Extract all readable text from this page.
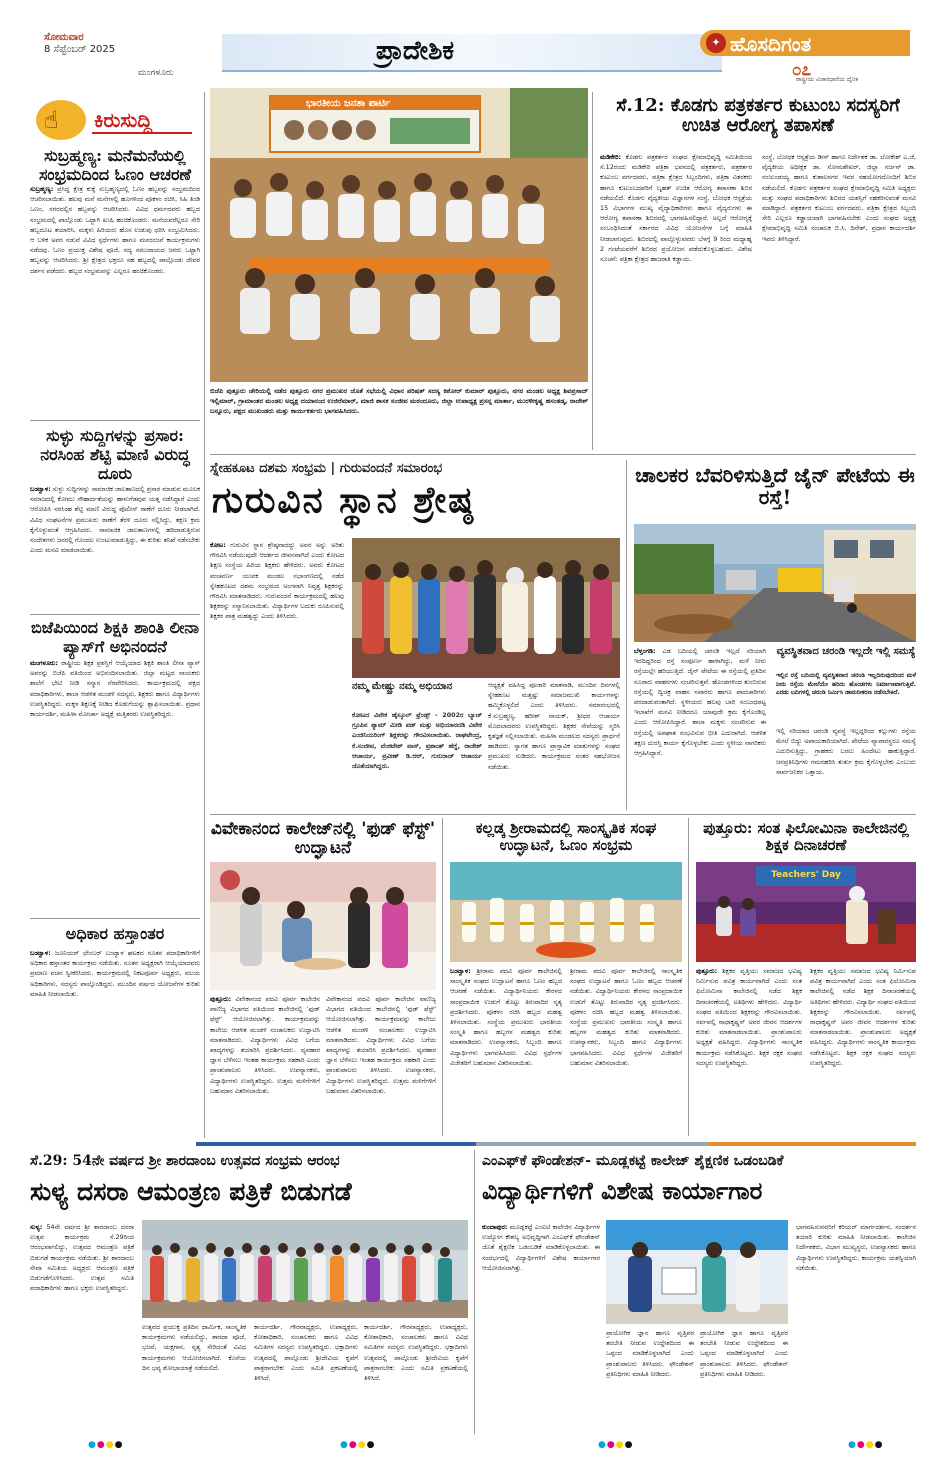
ಸೋಮವಾರ
8 ಸೆಪ್ಟೆಂಬರ್ 2025
ಮಂಗಳೂರು
ಪ್ರಾದೇಶಿಕ	✦ ಹೊಸದಿಗಂತ
೦೭
ರಾಷ್ಟ್ರೀಯ ವಿಚಾರಧಾರೆಯ ದೈನಿಕ
☝ ಕಿರುಸುದ್ದಿ
ಸುಬ್ರಹ್ಮಣ್ಯ: ಮನೆಮನೆಯಲ್ಲಿ ಸಂಭ್ರಮದಿಂದ ಓಣಂ ಆಚರಣೆ
ಸುಬ್ರಹ್ಮಣ್ಯ: ಪ್ರಸಿದ್ಧ ಕ್ಷೇತ್ರ ಕುಕ್ಕೆ ಸುಬ್ರಹ್ಮಣ್ಯದಲ್ಲಿ ಓಣಂ ಹಬ್ಬವನ್ನು ಸಂಭ್ರಮದಿಂದ ಆಚರಿಸಲಾಯಿತು. ಹಲವು ಮನೆ ಮನೆಗಳಲ್ಲಿ ಹೂಗಳಿಂದ ಪೂಕಳಂ ರಚಿಸಿ, ಸಿಹಿ ತಿಂಡಿ ಒಣಂ, ನಗರದಲ್ಲಿನ ಹಬ್ಬವನ್ನು ಆಚರಿಸಿದರು. ವಿವಿಧ ಧರ್ಮದವರು ಹಬ್ಬದ ಸಂಭ್ರಮದಲ್ಲಿ ಪಾಲ್ಗೊಂಡು ಒಟ್ಟಾಗಿ ಖುಷಿ ಹಂಚಿಕೊಂಡರು. ಮನೆಯವರೆಲ್ಲರೂ ಸೇರಿ ಹಬ್ಬದೂಟ ತಯಾರಿಸಿ, ಮಕ್ಕಳು ಹಿರಿಯರು ಹೊಸ ಉಡುಪು ಧರಿಸಿ ಸಂಭ್ರಮಿಸಿದರು. ಆ ಬಳಿಕ ಅವರ ನಡುವೆ ವಿವಿಧ ಸ್ಪರ್ಧೆಗಳು ಹಾಗೂ ಮನರಂಜನೆ ಕಾರ್ಯಕ್ರಮಗಳು ನಡೆದವು. ಓಣಂ ಪ್ರಯುಕ್ತ ವಿಶೇಷ ಪೂಜೆ, ಸದ್ಯ ಸಮುದಾಯದ ಜನರು ಒಟ್ಟಾಗಿ ಹಬ್ಬವನ್ನು ಆಚರಿಸಿದರು. ಶ್ರೀ ಕ್ಷೇತ್ರದ ಭಕ್ತರೂ ಸಹ ಹಬ್ಬದಲ್ಲಿ ಪಾಲ್ಗೊಂಡು ದೇವರ ದರ್ಶನ ಪಡೆದರು. ಹಬ್ಬದ ಸಂಭ್ರಮವನ್ನು ಎಲ್ಲರೂ ಹಂಚಿಕೊಂಡರು.
ಸುಳ್ಳು ಸುದ್ದಿಗಳನ್ನು ಪ್ರಸಾರ: ನರಸಿಂಹ ಶೆಟ್ಟಿ ಮಾಣಿ ವಿರುದ್ಧ ದೂರು
ಬಂಟ್ವಾಳ: ಸುಳ್ಳು ಸುದ್ದಿಗಳನ್ನು ಸಾಮಾಜಿಕ ಜಾಲತಾಣದಲ್ಲಿ ಪ್ರಸಾರ ಮಾಡುವ ಮೂಲಕ ಸಮಾಜದಲ್ಲಿ ಕೋಮು ಸೌಹಾರ್ದತೆಯನ್ನು ಹಾಳುಗೆಡವುವ ಯತ್ನ ನಡೆಸಿದ್ದಾರೆ ಎಂದು ಆರೋಪಿಸಿ ನರಸಿಂಹ ಶೆಟ್ಟಿ ಮಾಣಿ ವಿರುದ್ಧ ಪೊಲೀಸ್ ಠಾಣೆಗೆ ದೂರು ನೀಡಲಾಗಿದೆ. ವಿವಿಧ ಸಂಘಟನೆಗಳ ಪ್ರಮುಖರು ಠಾಣೆಗೆ ತೆರಳಿ ದೂರು ಸಲ್ಲಿಸಿದ್ದು, ತಕ್ಷಣ ಕ್ರಮ ಕೈಗೊಳ್ಳುವಂತೆ ಆಗ್ರಹಿಸಿದರು. ಸಾಮಾಜಿಕ ಜಾಲತಾಣಗಳಲ್ಲಿ ಹರಿದಾಡುತ್ತಿರುವ ಸಂದೇಶಗಳು ಜನರಲ್ಲಿ ಗೊಂದಲ ಉಂಟುಮಾಡುತ್ತಿದ್ದು, ಈ ಕುರಿತು ತನಿಖೆ ನಡೆಸಬೇಕು ಎಂದು ಮನವಿ ಮಾಡಲಾಯಿತು.
ಬಿಜೆಪಿಯಿಂದ ಶಿಕ್ಷಕಿ ಶಾಂತಿ ಲೀನಾ ಪ್ಯಾಸ್‌ಗೆ ಅಭಿನಂದನೆ
ಮಂಗಳೂರು: ರಾಷ್ಟ್ರೀಯ ಶಿಕ್ಷಕ ಪ್ರಶಸ್ತಿಗೆ ಆಯ್ಕೆಯಾದ ಶಿಕ್ಷಕಿ ಶಾಂತಿ ಲೀನಾ ಪ್ಯಾಸ್ ಅವರನ್ನು ಬಿಜೆಪಿ ವತಿಯಿಂದ ಅಭಿನಂದಿಸಲಾಯಿತು. ಜಿಲ್ಲಾ ಮಟ್ಟದ ನಾಯಕರು ಶಾಲೆಗೆ ಭೇಟಿ ನೀಡಿ ಸನ್ಮಾನ ನೆರವೇರಿಸಿದರು. ಕಾರ್ಯಕ್ರಮದಲ್ಲಿ ಪಕ್ಷದ ಪದಾಧಿಕಾರಿಗಳು, ಶಾಲಾ ಆಡಳಿತ ಮಂಡಳಿ ಸದಸ್ಯರು, ಶಿಕ್ಷಕರು ಹಾಗೂ ವಿದ್ಯಾರ್ಥಿಗಳು ಉಪಸ್ಥಿತರಿದ್ದರು. ಮಕ್ಕಳ ಶಿಕ್ಷಣಕ್ಕೆ ನೀಡಿದ ಕೊಡುಗೆಯನ್ನು ಶ್ಲಾಘಿಸಲಾಯಿತು. ಪ್ರಧಾನ ಕಾರ್ಯದರ್ಶಿ, ಮಹಿಳಾ ಮೋರ್ಚಾ ಅಧ್ಯಕ್ಷೆ ಮತ್ತಿತರರು ಉಪಸ್ಥಿತರಿದ್ದರು.
ಅಧಿಕಾರ ಹಸ್ತಾಂತರ
ಬಂಟ್ವಾಳ: ಜೂನಿಯರ್ ಛೇಂಬರ್ ಬಂಟ್ವಾಳ ಘಟಕದ ನೂತನ ಪದಾಧಿಕಾರಿಗಳಿಗೆ ಅಧಿಕಾರ ಹಸ್ತಾಂತರ ಕಾರ್ಯಕ್ರಮ ನಡೆಯಿತು. ನೂತನ ಅಧ್ಯಕ್ಷರಾಗಿ ಆಯ್ಕೆಯಾದವರು ಪ್ರಮಾಣ ವಚನ ಸ್ವೀಕರಿಸಿದರು. ಕಾರ್ಯಕ್ರಮದಲ್ಲಿ ನಿಕಟಪೂರ್ವ ಅಧ್ಯಕ್ಷರು, ವಲಯ ಅಧಿಕಾರಿಗಳು, ಸದಸ್ಯರು ಪಾಲ್ಗೊಂಡಿದ್ದರು. ಮುಂದಿನ ವರ್ಷದ ಯೋಜನೆಗಳ ಕುರಿತು ಮಾಹಿತಿ ನೀಡಲಾಯಿತು.
ಭಾರತೀಯ ಜನತಾ ಪಾರ್ಟಿ
ಬಿಜೆಪಿ ಪುತ್ತೂರು ಚೇರಿಯಲ್ಲಿ ನಡೆದ ಪುತ್ತೂರು ನಗರ ಪ್ರಮುಖರ ಜೊತೆ ಸಭೆಯಲ್ಲಿ ವಿಧಾನ ಪರಿಷತ್ ಸದಸ್ಯ ಕಿಶೋರ್ ಕುಮಾರ್ ಪುತ್ತೂರು, ನಗರ ಮಂಡಲ ಅಧ್ಯಕ್ಷ ಶಿವಪ್ರಸಾದ್ ಇಲ್ಲಿಮಾರ್, ಗ್ರಾಮಾಂತರ ಮಂಡಲ ಅಧ್ಯಕ್ಷ ದಯಾನಂದ ಉಜಿರೆಮಾರ್, ಮಾಜಿ ಶಾಸಕ ಸಂಜೀವ ಮಠಂದೂರು, ಜಿಲ್ಲಾ ಉಪಾಧ್ಯಕ್ಷ ಪ್ರಸನ್ನ ಮಾರ್ತಾ, ಮುರಳೀಕೃಷ್ಣ ಹಸಂತಡ್ಕ, ರಾಜೇಶ್ ಬನ್ನೂರು, ಪಕ್ಷದ ಮುಖಂಡರು ಮತ್ತು ಕಾರ್ಯಕರ್ತರು ಭಾಗವಹಿಸಿದರು.
ಸೆ.12: ಕೊಡಗು ಪತ್ರಕರ್ತರ ಕುಟುಂಬ ಸದಸ್ಯರಿಗೆ ಉಚಿತ ಆರೋಗ್ಯ ತಪಾಸಣೆ
ಮಡಿಕೇರಿ: ಕೊಡಗು ಪತ್ರಕರ್ತರ ಸಂಘದ ಕ್ಷೇಮಾಭಿವೃದ್ಧಿ ಸಮಿತಿಯಿಂದ ಸೆ.12ರಂದು ಮಡಿಕೇರಿ ಪತ್ರಿಕಾ ಭವನದಲ್ಲಿ ಪತ್ರಕರ್ತರು, ಪತ್ರಕರ್ತರ ಕುಟುಂಬ ವರ್ಗದವರು, ಪತ್ರಿಕಾ ಕ್ಷೇತ್ರದ ಸಿಬ್ಬಂದಿಗಳು, ಪತ್ರಿಕಾ ವಿತರಕರು ಹಾಗೂ ಕುಟುಂಬದವರಿಗೆ ಬೃಹತ್ ಉಚಿತ ಆರೋಗ್ಯ ತಪಾಸಣಾ ಶಿಬಿರ ನಡೆಯಲಿದೆ. ಕೊಡಗು ವೈದ್ಯಕೀಯ ವಿಜ್ಞಾನಗಳ ಸಂಸ್ಥೆ, ಬೋಧಕ ಆಸ್ಪತ್ರೆಯ 15 ವಿಭಾಗಗಳ ಮುಖ್ಯ ವೈದ್ಯಾಧಿಕಾರಿಗಳು ಹಾಗೂ ವೈದ್ಯರುಗಳು ಈ ಆರೋಗ್ಯ ತಪಾಸಣಾ ಶಿಬಿರದಲ್ಲಿ ಭಾಗವಹಿಸಲಿದ್ದಾರೆ. ಅಲ್ಲದೆ ಆರೋಗ್ಯಕ್ಕೆ ಸಂಬಂಧಿಸಿದಂತೆ ಸರ್ಕಾರದ ವಿವಿಧ ಯೋಜನೆಗಳ ಬಗ್ಗೆ ಮಾಹಿತಿ ನೀಡಲಾಗುವುದು. ಶಿಬಿರದಲ್ಲಿ ಪಾಲ್ಗೊಳ್ಳುವವರು ಬೆಳಗ್ಗೆ 9 ರಿಂದ ಮಧ್ಯಾಹ್ನ 2 ಗಂಟೆಯವರೆಗೆ ಶಿಬಿರದ ಪ್ರಯೋಜನ ಪಡೆದುಕೊಳ್ಳಬಹುದು. ವಿಶೇಷ ಸೂಚನೆ: ಪತ್ರಿಕಾ ಕ್ಷೇತ್ರದ ಹಾಜರಾತಿ ಕಡ್ಡಾಯ.
ಸಂಸ್ಥೆ, ಬೋಧಕ ಆಸ್ಪತ್ರೆಯ ಡೀನ್ ಹಾಗೂ ನಿರ್ದೇಶಕ ಡಾ. ಲೋಕೇಶ್ ಎ.ಜೆ, ವೈದ್ಯಕೀಯ ಅಧೀಕ್ಷಕ ಡಾ. ಸೋಮಶೇಖರ್, ಜಿಲ್ಲಾ ಸರ್ಜನ್ ಡಾ. ನಂಜುಂಡಯ್ಯ ಹಾಗೂ ಕುಶಾಲನಗರ ಇವರ ಸಹಯೋಗದೊಂದಿಗೆ ಶಿಬಿರ ನಡೆಯಲಿದೆ. ಕೊಡಗು ಪತ್ರಕರ್ತರ ಸಂಘದ ಕ್ಷೇಮಾಭಿವೃದ್ಧಿ ಸಮಿತಿ ಅಧ್ಯಕ್ಷರು ಮತ್ತು ಸಂಘದ ಪದಾಧಿಕಾರಿಗಳು ಶಿಬಿರದ ಯಶಸ್ಸಿಗೆ ಸಹಕರಿಸುವಂತೆ ಮನವಿ ಮಾಡಿದ್ದಾರೆ. ಪತ್ರಕರ್ತರ ಕುಟುಂಬ ವರ್ಗದವರು, ಪತ್ರಿಕಾ ಕ್ಷೇತ್ರದ ಸಿಬ್ಬಂದಿ ಸೇರಿ ಎಲ್ಲರೂ ಕಡ್ಡಾಯವಾಗಿ ಭಾಗವಹಿಸಬೇಕು ಎಂದು ಸಂಘದ ಅಧ್ಯಕ್ಷ ಕ್ಷೇಮಾಭಿವೃದ್ಧಿ ಸಮಿತಿ ಸಂಚಾಲಕ ಬಿ.ಸಿ. ದಿನೇಶ್, ಪ್ರಧಾನ ಕಾರ್ಯದರ್ಶಿ ಇವರು ತಿಳಿಸಿದ್ದಾರೆ.
ಸ್ನೇಹಕೂಟ ದಶಮ ಸಂಭ್ರಮ | ಗುರುವಂದನೆ ಸಮಾರಂಭ
ಗುರುವಿನ ಸ್ಥಾನ ಶ್ರೇಷ್ಠ
ಕೋಟ: ಗುರುವಿನ ಸ್ಥಾನ ಶ್ರೇಷ್ಠವಾದದ್ದು ಅವರ ಅನ್ನು ಅರಿತು ಗೌರವಿಸಿ ನಡೆಯುವುದೇ ಆದರ್ಶದ ಜೀವನವಾಗಿದೆ ಎಂದು ಕೋಟದ ಶಿಕ್ಷಣ ಸಂಸ್ಥೆಯ ಹಿರಿಯ ಶಿಕ್ಷಕರು ಹೇಳಿದರು. ಅವರು ಕೋಟದ ಪಂಚವರ್ಣ ಯುವಕ ಮಂಡಲ ಸಭಾಂಗಣದಲ್ಲಿ ನಡೆದ ಸ್ನೇಹಕೂಟದ ದಶಮ ಸಂಭ್ರಮದ ಅಂಗವಾಗಿ ನಿವೃತ್ತ ಶಿಕ್ಷಕರನ್ನು ಗೌರವಿಸಿ ಮಾತನಾಡಿದರು. ಗುರುವಂದನೆ ಕಾರ್ಯಕ್ರಮದಲ್ಲಿ ಹಲವು ಶಿಕ್ಷಕರನ್ನು ಸನ್ಮಾನಿಸಲಾಯಿತು. ವಿದ್ಯಾರ್ಥಿಗಳ ಬದುಕು ರೂಪಿಸುವಲ್ಲಿ ಶಿಕ್ಷಕರ ಪಾತ್ರ ಮಹತ್ವದ್ದು ಎಂದು ತಿಳಿಸಿದರು.
ನಮ್ಮ ಮೇಷ್ಟ್ರು ನಮ್ಮ ಅಭಿಯಾನ
ಕೋಟದ ವಿವೇಕ ಹೈಸ್ಕೂಲ್ ಫ್ರೆಂಡ್ಸ್ - 2002ರ ಬ್ಯಾಚ್ ಗ್ರೂಪಿನ ಶ್ಯಾಮ್ ಮೀಡಿ ಪಡ್ ಮತ್ತು ಅಭಿಯಾನದಡಿ ವಿವೇಕ ಎಂಜಿನಿಯರಿಂಗ್ ಶಿಕ್ಷಕರನ್ನು ಗೌರವಿಸಲಾಯಿತು. ರಾಘವೇಂದ್ರ, ಕೆ.ಸಂಜೀವ, ವೆಂಕಟೇಶ್ ವಾಸ್, ಪ್ರಶಾಂತ್ ಹೆಗ್ಡೆ, ರಾಜೇಶ್ ಆಚಾರ್ಯ, ಪ್ರವೀಣ್ ಡಿ.ಆರ್, ಗುರುರಾಜ್ ಆಚಾರ್ಯ ಜೊತೆಯಾಗಿದ್ದರು.
ಆಧ್ಯಕ್ಷತೆ ವಹಿಸಿದ್ದ ಪೂಜಾರಿ ಮಾತನಾಡಿ, ಮುಂದಿನ ದಿನಗಳಲ್ಲಿ ಸ್ನೇಹಕೂಟ ಮತ್ತಷ್ಟು ಸಮಾಜಮುಖಿ ಕಾರ್ಯಗಳನ್ನು ಹಮ್ಮಿಕೊಳ್ಳಲಿದೆ ಎಂದು ತಿಳಿಸಿದರು. ಸಮಾರಂಭದಲ್ಲಿ ಕೆ.ಸುಬ್ರಹ್ಮಣ್ಯ, ಹರೀಶ್ ನಾಯಕ್, ಶ್ರೀಧರ ಆಚಾರ್ಯ ಮೊದಲಾದವರು ಉಪಸ್ಥಿತರಿದ್ದರು. ಶಿಕ್ಷಕರ ಸೇವೆಯನ್ನು ಸ್ಮರಿಸಿ ಕೃತಜ್ಞತೆ ಸಲ್ಲಿಸಲಾಯಿತು. ಮಹಿಳಾ ಮಂಡಲದ ಸದಸ್ಯರು ಪ್ರಾರ್ಥನೆ ಹಾಡಿದರು. ಸ್ವಾಗತ ಹಾಗೂ ಪ್ರಾಸ್ತಾವಿಕ ಮಾತುಗಳನ್ನು ಸಂಘದ ಪ್ರಮುಖರು ನುಡಿದರು. ಕಾರ್ಯಕ್ರಮದ ನಂತರ ಸಹಭೋಜನ ನಡೆಯಿತು.
ಚಾಲಕರ ಬೆವರಿಳಿಸುತ್ತಿದೆ ಜೈನ್ ಪೇಟೆಯ ಈ ರಸ್ತೆ!
ಬೆಳ್ತಂಗಡಿ: ಎಡ ಬದಿಯಲ್ಲಿ ಚರಂಡಿ ಇಲ್ಲದೆ ಸರಿಯಾಗಿ ಇರದಿದ್ದರಿಂದ ರಸ್ತೆ ಸಂಪೂರ್ಣ ಹಾಳಾಗಿದ್ದು, ಮಳೆ ನೀರು ರಸ್ತೆಯಲ್ಲೇ ಹರಿಯುತ್ತಿದೆ. ಜೈನ್ ಪೇಟೆಯ ಈ ರಸ್ತೆಯಲ್ಲಿ ಪ್ರತಿದಿನ ನೂರಾರು ವಾಹನಗಳು ಸಂಚರಿಸುತ್ತವೆ. ಹೊಂಡಗಳಿಂದ ತುಂಬಿರುವ ರಸ್ತೆಯಲ್ಲಿ ದ್ವಿಚಕ್ರ ವಾಹನ ಸವಾರರು ಹಾಗೂ ಪಾದಚಾರಿಗಳು ಪರದಾಡುವಂತಾಗಿದೆ. ಸ್ಥಳೀಯರು ಹಲವು ಬಾರಿ ಸಂಬಂಧಪಟ್ಟ ಇಲಾಖೆಗೆ ಮನವಿ ನೀಡಿದರೂ ಯಾವುದೇ ಕ್ರಮ ಕೈಗೊಂಡಿಲ್ಲ ಎಂದು ಆರೋಪಿಸಿದ್ದಾರೆ. ಶಾಲಾ ಮಕ್ಕಳು ಸಂಚರಿಸುವ ಈ ರಸ್ತೆಯಲ್ಲಿ ಅಪಘಾತ ಸಂಭವಿಸುವ ಭೀತಿ ಎದುರಾಗಿದೆ. ಆಡಳಿತ ತಕ್ಷಣ ದುರಸ್ತಿ ಕಾರ್ಯ ಕೈಗೊಳ್ಳಬೇಕು ಎಂದು ಸ್ಥಳೀಯ ನಾಗರಿಕರು ಆಗ್ರಹಿಸಿದ್ದಾರೆ.
ವ್ಯವಸ್ಥಿತವಾದ ಚರಂಡಿ ಇಲ್ಲದೇ ಇಲ್ಲಿ ಸಮಸ್ಯೆ
ಇಲ್ಲಿನ ರಸ್ತೆ ಬದಿಯಲ್ಲಿ ವ್ಯವಸ್ಥಿತವಾದ ಚರಂಡಿ ಇಲ್ಲದಿರುವುದರಿಂದ ಮಳೆ ನೀರು ರಸ್ತೆಯ ಮೇಲೆಯೇ ಹರಿದು ಹೊಂಡಗಳು ನಿರ್ಮಾಣವಾಗುತ್ತಿವೆ. ಎರಡು ಬದಿಗಳಲ್ಲಿ ಚರಂಡಿ ನಿರ್ಮಿಸಿ ಡಾಮರೀಕರಣ ನಡೆಸಬೇಕಿದೆ.
ಇಲ್ಲಿ ಸರಿಯಾದ ಚರಂಡಿ ವ್ಯವಸ್ಥೆ ಇಲ್ಲದ್ದರಿಂದ ಕಲ್ಲುಗಳು ರಸ್ತೆಯ ಮೇಲೆ ಬಿದ್ದು ಅಪಾಯಕಾರಿಯಾಗಿದೆ. ಪೇಟೆಯ ವ್ಯಾಪಾರಸ್ಥರೂ ಸಮಸ್ಯೆ ಎದುರಿಸುತ್ತಿದ್ದು, ಗ್ರಾಹಕರು ಬರಲು ಹಿಂದೇಟು ಹಾಕುತ್ತಿದ್ದಾರೆ. ಜನಪ್ರತಿನಿಧಿಗಳು ಗಮನಹರಿಸಿ ತುರ್ತು ಕ್ರಮ ಕೈಗೊಳ್ಳಬೇಕು ಎಂಬುದು ಸಾರ್ವಜನಿಕರ ಒತ್ತಾಯ.
ವಿವೇಕಾನಂದ ಕಾಲೇಜ್‌ನಲ್ಲಿ 'ಫುಡ್ ಫೆಸ್ಟ್' ಉದ್ಘಾಟನೆ
ಪುತ್ತೂರು: ವಿವೇಕಾನಂದ ಪದವಿ ಪೂರ್ವ ಕಾಲೇಜಿನ ವಾಣಿಜ್ಯ ವಿಭಾಗದ ವತಿಯಿಂದ ಕಾಲೇಜಿನಲ್ಲಿ 'ಫುಡ್ ಫೆಸ್ಟ್' ಆಯೋಜಿಸಲಾಗಿತ್ತು. ಕಾರ್ಯಕ್ರಮವನ್ನು ಕಾಲೇಜು ಆಡಳಿತ ಮಂಡಳಿ ಸಂಚಾಲಕರು ಉದ್ಘಾಟಿಸಿ ಮಾತನಾಡಿದರು. ವಿದ್ಯಾರ್ಥಿಗಳು ವಿವಿಧ ಬಗೆಯ ಖಾದ್ಯಗಳನ್ನು ತಯಾರಿಸಿ ಪ್ರದರ್ಶಿಸಿದರು. ವ್ಯವಹಾರ ಜ್ಞಾನ ಬೆಳೆಸಲು ಇಂತಹ ಕಾರ್ಯಕ್ರಮ ಸಹಕಾರಿ ಎಂದು ಪ್ರಾಂಶುಪಾಲರು ತಿಳಿಸಿದರು. ಉಪನ್ಯಾಸಕರು, ವಿದ್ಯಾರ್ಥಿಗಳು ಉಪಸ್ಥಿತರಿದ್ದರು. ಉತ್ತಮ ಮಳಿಗೆಗಳಿಗೆ ಬಹುಮಾನ ವಿತರಿಸಲಾಯಿತು.
ವಿವೇಕಾನಂದ ಪದವಿ ಪೂರ್ವ ಕಾಲೇಜಿನ ವಾಣಿಜ್ಯ ವಿಭಾಗದ ವತಿಯಿಂದ ಕಾಲೇಜಿನಲ್ಲಿ 'ಫುಡ್ ಫೆಸ್ಟ್' ಆಯೋಜಿಸಲಾಗಿತ್ತು. ಕಾರ್ಯಕ್ರಮವನ್ನು ಕಾಲೇಜು ಆಡಳಿತ ಮಂಡಳಿ ಸಂಚಾಲಕರು ಉದ್ಘಾಟಿಸಿ ಮಾತನಾಡಿದರು. ವಿದ್ಯಾರ್ಥಿಗಳು ವಿವಿಧ ಬಗೆಯ ಖಾದ್ಯಗಳನ್ನು ತಯಾರಿಸಿ ಪ್ರದರ್ಶಿಸಿದರು. ವ್ಯವಹಾರ ಜ್ಞಾನ ಬೆಳೆಸಲು ಇಂತಹ ಕಾರ್ಯಕ್ರಮ ಸಹಕಾರಿ ಎಂದು ಪ್ರಾಂಶುಪಾಲರು ತಿಳಿಸಿದರು. ಉಪನ್ಯಾಸಕರು, ವಿದ್ಯಾರ್ಥಿಗಳು ಉಪಸ್ಥಿತರಿದ್ದರು. ಉತ್ತಮ ಮಳಿಗೆಗಳಿಗೆ ಬಹುಮಾನ ವಿತರಿಸಲಾಯಿತು.
ಕಲ್ಲಡ್ಕ ಶ್ರೀರಾಮದಲ್ಲಿ ಸಾಂಸ್ಕೃತಿಕ ಸಂಘ ಉದ್ಘಾಟನೆ, ಓಣಂ ಸಂಭ್ರಮ
ಬಂಟ್ವಾಳ: ಶ್ರೀರಾಮ ಪದವಿ ಪೂರ್ವ ಕಾಲೇಜಿನಲ್ಲಿ ಸಾಂಸ್ಕೃತಿಕ ಸಂಘದ ಉದ್ಘಾಟನೆ ಹಾಗೂ ಓಣಂ ಹಬ್ಬದ ಆಚರಣೆ ನಡೆಯಿತು. ವಿದ್ಯಾರ್ಥಿನಿಯರು ಕೇರಳದ ಸಾಂಪ್ರದಾಯಿಕ ಉಡುಗೆ ತೊಟ್ಟು ತಿರುವಾದಿರ ನೃತ್ಯ ಪ್ರದರ್ಶಿಸಿದರು. ಪೂಕಳಂ ರಚಿಸಿ ಹಬ್ಬದ ಮಹತ್ವ ತಿಳಿಸಲಾಯಿತು. ಸಂಸ್ಥೆಯ ಪ್ರಮುಖರು ಭಾರತೀಯ ಸಂಸ್ಕೃತಿ ಹಾಗೂ ಹಬ್ಬಗಳ ಮಹತ್ವದ ಕುರಿತು ಮಾತನಾಡಿದರು. ಉಪನ್ಯಾಸಕರು, ಸಿಬ್ಬಂದಿ ಹಾಗೂ ವಿದ್ಯಾರ್ಥಿಗಳು ಭಾಗವಹಿಸಿದರು. ವಿವಿಧ ಸ್ಪರ್ಧೆಗಳ ವಿಜೇತರಿಗೆ ಬಹುಮಾನ ವಿತರಿಸಲಾಯಿತು.
ಶ್ರೀರಾಮ ಪದವಿ ಪೂರ್ವ ಕಾಲೇಜಿನಲ್ಲಿ ಸಾಂಸ್ಕೃತಿಕ ಸಂಘದ ಉದ್ಘಾಟನೆ ಹಾಗೂ ಓಣಂ ಹಬ್ಬದ ಆಚರಣೆ ನಡೆಯಿತು. ವಿದ್ಯಾರ್ಥಿನಿಯರು ಕೇರಳದ ಸಾಂಪ್ರದಾಯಿಕ ಉಡುಗೆ ತೊಟ್ಟು ತಿರುವಾದಿರ ನೃತ್ಯ ಪ್ರದರ್ಶಿಸಿದರು. ಪೂಕಳಂ ರಚಿಸಿ ಹಬ್ಬದ ಮಹತ್ವ ತಿಳಿಸಲಾಯಿತು. ಸಂಸ್ಥೆಯ ಪ್ರಮುಖರು ಭಾರತೀಯ ಸಂಸ್ಕೃತಿ ಹಾಗೂ ಹಬ್ಬಗಳ ಮಹತ್ವದ ಕುರಿತು ಮಾತನಾಡಿದರು. ಉಪನ್ಯಾಸಕರು, ಸಿಬ್ಬಂದಿ ಹಾಗೂ ವಿದ್ಯಾರ್ಥಿಗಳು ಭಾಗವಹಿಸಿದರು. ವಿವಿಧ ಸ್ಪರ್ಧೆಗಳ ವಿಜೇತರಿಗೆ ಬಹುಮಾನ ವಿತರಿಸಲಾಯಿತು.
ಪುತ್ತೂರು: ಸಂತ ಫಿಲೋಮಿನಾ ಕಾಲೇಜಿನಲ್ಲಿ ಶಿಕ್ಷಕ ದಿನಾಚರಣೆ
Teachers' Day
ಪುತ್ತೂರು: ಶಿಕ್ಷಕರ ವೃತ್ತಿಯು ಸಮಾಜದ ಭವಿಷ್ಯ ನಿರ್ಮಿಸುವ ಪವಿತ್ರ ಕಾರ್ಯವಾಗಿದೆ ಎಂದು ಸಂತ ಫಿಲೋಮಿನಾ ಕಾಲೇಜಿನಲ್ಲಿ ನಡೆದ ಶಿಕ್ಷಕ ದಿನಾಚರಣೆಯಲ್ಲಿ ಅತಿಥಿಗಳು ಹೇಳಿದರು. ವಿದ್ಯಾರ್ಥಿ ಸಂಘದ ವತಿಯಿಂದ ಶಿಕ್ಷಕರನ್ನು ಗೌರವಿಸಲಾಯಿತು. ಸರ್ವಪಲ್ಲಿ ರಾಧಾಕೃಷ್ಣನ್ ಅವರ ಜೀವನ ಆದರ್ಶಗಳ ಕುರಿತು ಮಾತನಾಡಲಾಯಿತು. ಪ್ರಾಂಶುಪಾಲರು ಅಧ್ಯಕ್ಷತೆ ವಹಿಸಿದ್ದರು. ವಿದ್ಯಾರ್ಥಿಗಳು ಸಾಂಸ್ಕೃತಿಕ ಕಾರ್ಯಕ್ರಮ ನಡೆಸಿಕೊಟ್ಟರು. ಶಿಕ್ಷಕ ರಕ್ಷಕ ಸಂಘದ ಸದಸ್ಯರು ಉಪಸ್ಥಿತರಿದ್ದರು.
ಶಿಕ್ಷಕರ ವೃತ್ತಿಯು ಸಮಾಜದ ಭವಿಷ್ಯ ನಿರ್ಮಿಸುವ ಪವಿತ್ರ ಕಾರ್ಯವಾಗಿದೆ ಎಂದು ಸಂತ ಫಿಲೋಮಿನಾ ಕಾಲೇಜಿನಲ್ಲಿ ನಡೆದ ಶಿಕ್ಷಕ ದಿನಾಚರಣೆಯಲ್ಲಿ ಅತಿಥಿಗಳು ಹೇಳಿದರು. ವಿದ್ಯಾರ್ಥಿ ಸಂಘದ ವತಿಯಿಂದ ಶಿಕ್ಷಕರನ್ನು ಗೌರವಿಸಲಾಯಿತು. ಸರ್ವಪಲ್ಲಿ ರಾಧಾಕೃಷ್ಣನ್ ಅವರ ಜೀವನ ಆದರ್ಶಗಳ ಕುರಿತು ಮಾತನಾಡಲಾಯಿತು. ಪ್ರಾಂಶುಪಾಲರು ಅಧ್ಯಕ್ಷತೆ ವಹಿಸಿದ್ದರು. ವಿದ್ಯಾರ್ಥಿಗಳು ಸಾಂಸ್ಕೃತಿಕ ಕಾರ್ಯಕ್ರಮ ನಡೆಸಿಕೊಟ್ಟರು. ಶಿಕ್ಷಕ ರಕ್ಷಕ ಸಂಘದ ಸದಸ್ಯರು ಉಪಸ್ಥಿತರಿದ್ದರು.
ಸೆ.29: 54ನೇ ವರ್ಷದ ಶ್ರೀ ಶಾರದಾಂಬ ಉತ್ಸವದ ಸಂಭ್ರಮ ಆರಂಭ
ಸುಳ್ಯ ದಸರಾ ಆಮಂತ್ರಣ ಪತ್ರಿಕೆ ಬಿಡುಗಡೆ
ಸುಳ್ಯ: 54ನೇ ವರ್ಷದ ಶ್ರೀ ಶಾರದಾಂಬ ದಸರಾ ಉತ್ಸವ ಕಾರ್ಯಕ್ರಮ ಸೆ.29ರಿಂದ ಆರಂಭವಾಗಲಿದ್ದು, ಉತ್ಸವದ ಆಮಂತ್ರಣ ಪತ್ರಿಕೆ ಬಿಡುಗಡೆ ಕಾರ್ಯಕ್ರಮ ನಡೆಯಿತು. ಶ್ರೀ ಶಾರದಾಂಬ ಸೇವಾ ಸಮಿತಿಯ ಅಧ್ಯಕ್ಷರು ಆಮಂತ್ರಣ ಪತ್ರಿಕೆ ಬಿಡುಗಡೆಗೊಳಿಸಿದರು. ಉತ್ಸವ ಸಮಿತಿ ಪದಾಧಿಕಾರಿಗಳು ಹಾಗೂ ಭಕ್ತರು ಉಪಸ್ಥಿತರಿದ್ದರು.
ಉತ್ಸವದ ಪ್ರಯುಕ್ತ ಪ್ರತಿದಿನ ಧಾರ್ಮಿಕ, ಸಾಂಸ್ಕೃತಿಕ ಕಾರ್ಯಕ್ರಮಗಳು ನಡೆಯಲಿದ್ದು, ಶಾರದಾ ಪೂಜೆ, ಭಜನೆ, ಯಕ್ಷಗಾನ, ನೃತ್ಯ ಸೇರಿದಂತೆ ವಿವಿಧ ಕಾರ್ಯಕ್ರಮಗಳು ಆಯೋಜಿಸಲಾಗಿದೆ. ಕೊನೆಯ ದಿನ ಭವ್ಯ ಶೋಭಾಯಾತ್ರೆ ನಡೆಯಲಿದೆ.
ಕಾರ್ಯದರ್ಶಿ, ಗೌರವಾಧ್ಯಕ್ಷರು, ಉಪಾಧ್ಯಕ್ಷರು, ಕೋಶಾಧಿಕಾರಿ, ಸಂಚಾಲಕರು ಹಾಗೂ ವಿವಿಧ ಸಮಿತಿಗಳ ಸದಸ್ಯರು ಉಪಸ್ಥಿತರಿದ್ದರು. ಭಕ್ತಾದಿಗಳು ಉತ್ಸವದಲ್ಲಿ ಪಾಲ್ಗೊಂಡು ಶ್ರೀದೇವಿಯ ಕೃಪೆಗೆ ಪಾತ್ರರಾಗಬೇಕು ಎಂದು ಸಮಿತಿ ಪ್ರಕಟಣೆಯಲ್ಲಿ ತಿಳಿಸಿದೆ.
ಕಾರ್ಯದರ್ಶಿ, ಗೌರವಾಧ್ಯಕ್ಷರು, ಉಪಾಧ್ಯಕ್ಷರು, ಕೋಶಾಧಿಕಾರಿ, ಸಂಚಾಲಕರು ಹಾಗೂ ವಿವಿಧ ಸಮಿತಿಗಳ ಸದಸ್ಯರು ಉಪಸ್ಥಿತರಿದ್ದರು. ಭಕ್ತಾದಿಗಳು ಉತ್ಸವದಲ್ಲಿ ಪಾಲ್ಗೊಂಡು ಶ್ರೀದೇವಿಯ ಕೃಪೆಗೆ ಪಾತ್ರರಾಗಬೇಕು ಎಂದು ಸಮಿತಿ ಪ್ರಕಟಣೆಯಲ್ಲಿ ತಿಳಿಸಿದೆ.
ಎಂಎಫ್‌ಕೆ ಫೌಂಡೇಶನ್- ಮೂಡ್ಲಕಟ್ಟೆ ಕಾಲೇಜ್ ಶೈಕ್ಷಣಿಕ ಒಡಂಬಡಿಕೆ
ವಿದ್ಯಾರ್ಥಿಗಳಿಗೆ ವಿಶೇಷ ಕಾರ್ಯಾಗಾರ
ಕುಂದಾಪುರ: ಮೂಡ್ಲಕಟ್ಟೆ ಎಂಐಟಿ ಕಾಲೇಜಿನ ವಿದ್ಯಾರ್ಥಿಗಳ ಉದ್ಯೋಗ ಕೌಶಲ್ಯ ಅಭಿವೃದ್ಧಿಗಾಗಿ ಎಂಎಫ್‌ಕೆ ಫೌಂಡೇಶನ್ ಜೊತೆ ಶೈಕ್ಷಣಿಕ ಒಡಂಬಡಿಕೆ ಮಾಡಿಕೊಳ್ಳಲಾಯಿತು. ಈ ಸಂದರ್ಭದಲ್ಲಿ ವಿದ್ಯಾರ್ಥಿಗಳಿಗೆ ವಿಶೇಷ ಕಾರ್ಯಾಗಾರ ಆಯೋಜಿಸಲಾಗಿತ್ತು.
ಪ್ರಾಯೋಗಿಕ ಜ್ಞಾನ ಹಾಗೂ ವೃತ್ತಿಪರ ತರಬೇತಿ ನೀಡುವ ಉದ್ದೇಶದಿಂದ ಈ ಒಪ್ಪಂದ ಮಾಡಿಕೊಳ್ಳಲಾಗಿದೆ ಎಂದು ಪ್ರಾಂಶುಪಾಲರು ತಿಳಿಸಿದರು. ಫೌಂಡೇಶನ್ ಪ್ರತಿನಿಧಿಗಳು ಮಾಹಿತಿ ನೀಡಿದರು.
ಪ್ರಾಯೋಗಿಕ ಜ್ಞಾನ ಹಾಗೂ ವೃತ್ತಿಪರ ತರಬೇತಿ ನೀಡುವ ಉದ್ದೇಶದಿಂದ ಈ ಒಪ್ಪಂದ ಮಾಡಿಕೊಳ್ಳಲಾಗಿದೆ ಎಂದು ಪ್ರಾಂಶುಪಾಲರು ತಿಳಿಸಿದರು. ಫೌಂಡೇಶನ್ ಪ್ರತಿನಿಧಿಗಳು ಮಾಹಿತಿ ನೀಡಿದರು.
ಭಾಗವಹಿಸುವವರಿಗೆ ಕರಿಯರ್ ಮಾರ್ಗದರ್ಶನ, ಸಂದರ್ಶನ ತಯಾರಿ ಕುರಿತು ಮಾಹಿತಿ ನೀಡಲಾಯಿತು. ಕಾಲೇಜಿನ ನಿರ್ದೇಶಕರು, ವಿಭಾಗ ಮುಖ್ಯಸ್ಥರು, ಉಪನ್ಯಾಸಕರು ಹಾಗೂ ವಿದ್ಯಾರ್ಥಿಗಳು ಉಪಸ್ಥಿತರಿದ್ದರು. ಕಾರ್ಯಕ್ರಮ ಯಶಸ್ವಿಯಾಗಿ ನಡೆಯಿತು.
●●●●	●●●●	●●●●	●●●●
